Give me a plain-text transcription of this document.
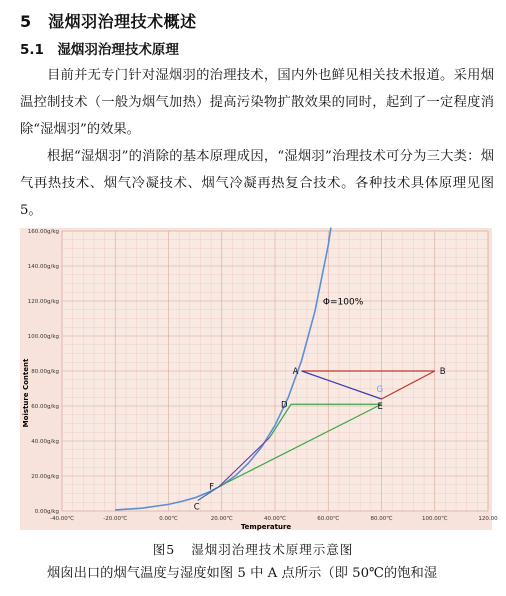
5　湿烟羽治理技术概述
5.1　湿烟羽治理技术原理

目前并无专门针对湿烟羽的治理技术，国内外也鲜见相关技术报道。采用烟温控制技术（一般为烟气加热）提高污染物扩散效果的同时，起到了一定程度消除“湿烟羽”的效果。

根据“湿烟羽”的消除的基本原理成因，“湿烟羽”治理技术可分为三大类：烟气再热技术、烟气冷凝技术、烟气冷凝再热复合技术。各种技术具体原理见图 5。

-40.00℃	-20.00℃	0.00℃	20.00℃	40.00℃	60.00℃	80.00℃	100.00℃	120.00
0.00g/kg
20.00g/kg
40.00g/kg
60.00g/kg
80.00g/kg
100.00g/kg
120.00g/kg
140.00g/kg
160.00g/kg
A	B
C
D	E
F
G
Moisture Content
Temperature
Φ=100%
图5 湿烟羽治理技术原理示意图

烟囱出口的烟气温度与湿度如图 5 中 A 点所示（即 50℃的饱和湿
